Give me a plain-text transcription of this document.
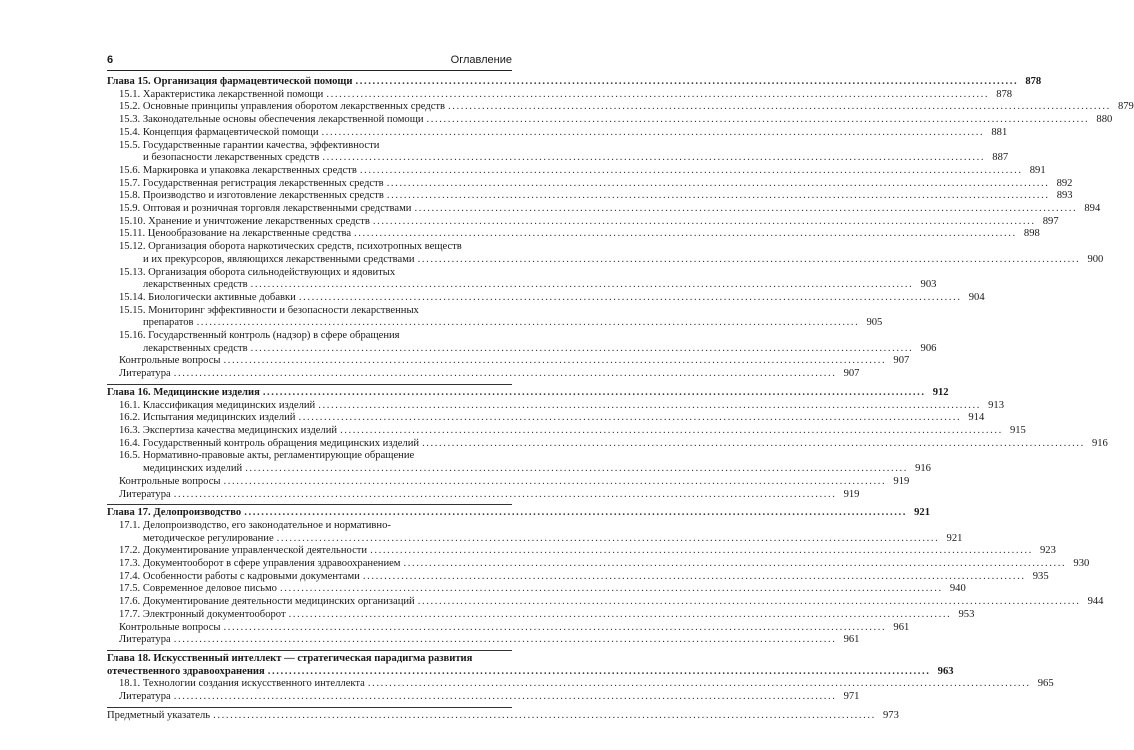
6	Оглавление
Глава 15. Организация фармацевтической помощи .....	878
15.1. Характеристика лекарственной помощи .....	878
15.2. Основные принципы управления оборотом лекарственных средств .....	879
15.3. Законодательные основы обеспечения лекарственной помощи .....	880
15.4. Концепция фармацевтической помощи .....	881
15.5. Государственные гарантии качества, эффективности
и безопасности лекарственных средств .....	887
15.6. Маркировка и упаковка лекарственных средств .....	891
15.7. Государственная регистрация лекарственных средств .....	892
15.8. Производство и изготовление лекарственных средств .....	893
15.9. Оптовая и розничная торговля лекарственными средствами .....	894
15.10. Хранение и уничтожение лекарственных средств .....	897
15.11. Ценообразование на лекарственные средства .....	898
15.12. Организация оборота наркотических средств, психотропных веществ
и их прекурсоров, являющихся лекарственными средствами .....	900
15.13. Организация оборота сильнодействующих и ядовитых
лекарственных средств .....	903
15.14. Биологически активные добавки .....	904
15.15. Мониторинг эффективности и безопасности лекарственных
препаратов .....	905
15.16. Государственный контроль (надзор) в сфере обращения
лекарственных средств .....	906
Контрольные вопросы .....	907
Литература .....	907
Глава 16. Медицинские изделия .....	912
16.1. Классификация медицинских изделий .....	913
16.2. Испытания медицинских изделий .....	914
16.3. Экспертиза качества медицинских изделий .....	915
16.4. Государственный контроль обращения медицинских изделий .....	916
16.5. Нормативно-правовые акты, регламентирующие обращение
медицинских изделий .....	916
Контрольные вопросы .....	919
Литература .....	919
Глава 17. Делопроизводство .....	921
17.1. Делопроизводство, его законодательное и нормативно-
методическое регулирование .....	921
17.2. Документирование управленческой деятельности .....	923
17.3. Документооборот в сфере управления здравоохранением .....	930
17.4. Особенности работы с кадровыми документами .....	935
17.5. Современное деловое письмо .....	940
17.6. Документирование деятельности медицинских организаций .....	944
17.7. Электронный документооборот .....	953
Контрольные вопросы .....	961
Литература .....	961
Глава 18. Искусственный интеллект — стратегическая парадигма развития
отечественного здравоохранения .....	963
18.1. Технологии создания искусственного интеллекта .....	965
Литература .....	971
Предметный указатель .....	973
